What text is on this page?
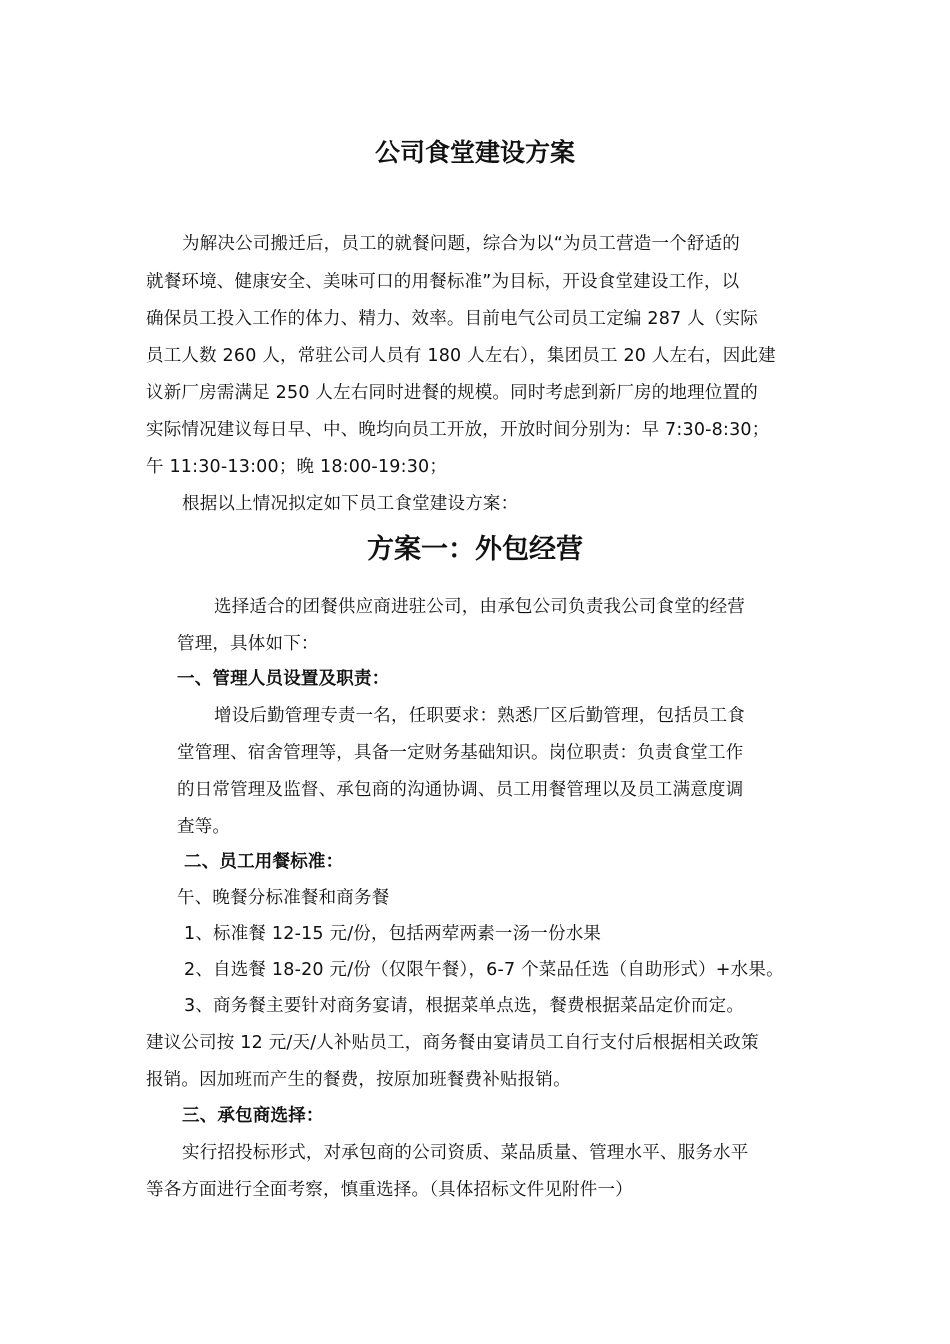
公司食堂建设方案
为解决公司搬迁后，员工的就餐问题，综合为以“为员工营造一个舒适的
就餐环境、健康安全、美味可口的用餐标准”为目标，开设食堂建设工作，以
确保员工投入工作的体力、精力、效率。目前电气公司员工定编 287 人（实际
员工人数 260 人，常驻公司人员有 180 人左右），集团员工 20 人左右，因此建
议新厂房需满足 250 人左右同时进餐的规模。同时考虑到新厂房的地理位置的
实际情况建议每日早、中、晚均向员工开放，开放时间分别为：早 7:30-8:30；
午 11:30-13:00；晚 18:00-19:30；
根据以上情况拟定如下员工食堂建设方案：
方案一：外包经营
选择适合的团餐供应商进驻公司，由承包公司负责我公司食堂的经营
管理，具体如下：
一、管理人员设置及职责：
增设后勤管理专责一名，任职要求：熟悉厂区后勤管理，包括员工食
堂管理、宿舍管理等，具备一定财务基础知识。岗位职责：负责食堂工作
的日常管理及监督、承包商的沟通协调、员工用餐管理以及员工满意度调
查等。
二、员工用餐标准：
午、晚餐分标准餐和商务餐
1、标准餐 12-15 元/份，包括两荤两素一汤一份水果
2、自选餐 18-20 元/份（仅限午餐），6-7 个菜品任选（自助形式）+水果。
3、商务餐主要针对商务宴请，根据菜单点选，餐费根据菜品定价而定。
建议公司按 12 元/天/人补贴员工，商务餐由宴请员工自行支付后根据相关政策
报销。因加班而产生的餐费，按原加班餐费补贴报销。
三、承包商选择：
实行招投标形式，对承包商的公司资质、菜品质量、管理水平、服务水平
等各方面进行全面考察，慎重选择。（具体招标文件见附件一）
